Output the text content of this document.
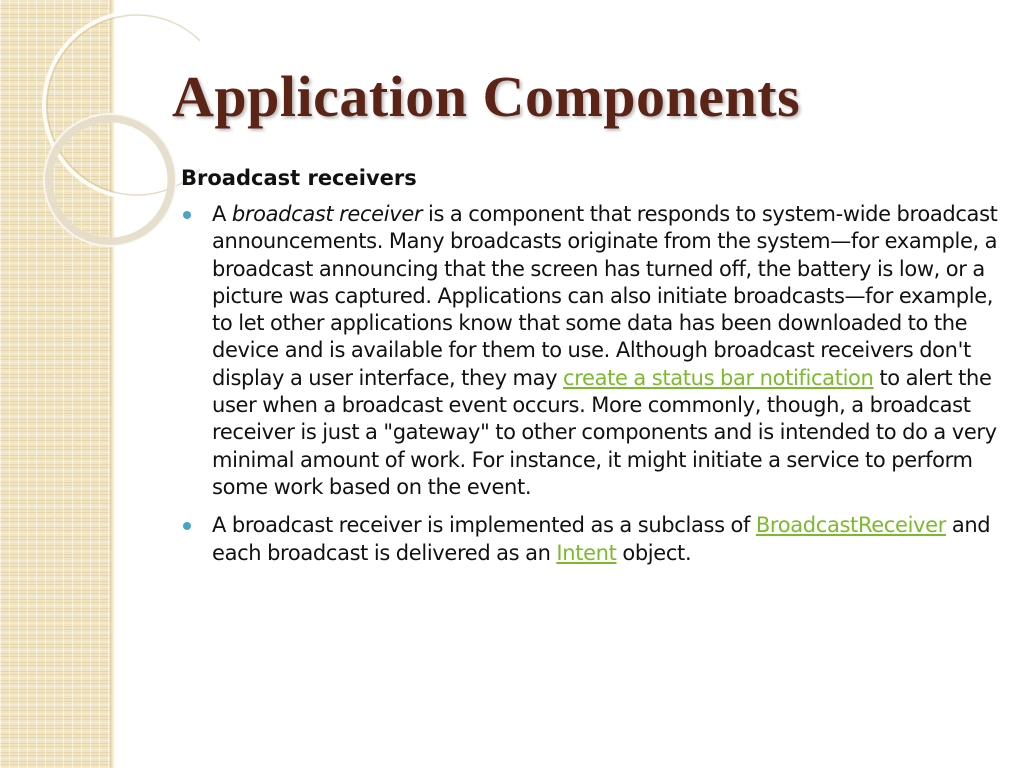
Application Components
Broadcast receivers
A broadcast receiver is a component that responds to system-wide broadcast announcements. Many broadcasts originate from the system—for example, a broadcast announcing that the screen has turned off, the battery is low, or a picture was captured. Applications can also initiate broadcasts—for example, to let other applications know that some data has been downloaded to the device and is available for them to use. Although broadcast receivers don't display a user interface, they may create a status bar notification to alert the user when a broadcast event occurs. More commonly, though, a broadcast receiver is just a "gateway" to other components and is intended to do a very minimal amount of work. For instance, it might initiate a service to perform some work based on the event.
A broadcast receiver is implemented as a subclass of BroadcastReceiver and each broadcast is delivered as an Intent object.
